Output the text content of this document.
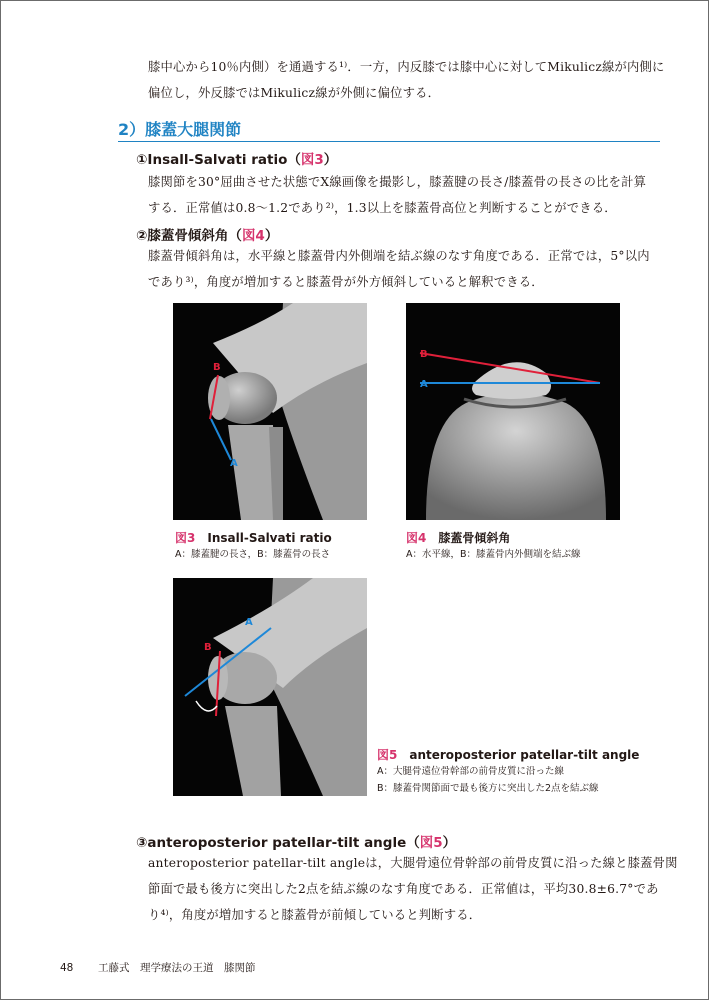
膝中心から10％内側）を通過する¹⁾．一方，内反膝では膝中心に対してMikulicz線が内側に
偏位し，外反膝ではMikulicz線が外側に偏位する．
2）膝蓋大腿関節
①Insall-Salvati ratio（図3）
膝関節を30°屈曲させた状態でX線画像を撮影し，膝蓋腱の長さ/膝蓋骨の長さの比を計算
する．正常値は0.8～1.2であり²⁾，1.3以上を膝蓋骨高位と判断することができる．
②膝蓋骨傾斜角（図4）
膝蓋骨傾斜角は，水平線と膝蓋骨内外側端を結ぶ線のなす角度である．正常では，5°以内
であり³⁾，角度が増加すると膝蓋骨が外方傾斜していると解釈できる．
B
A
図3　 Insall-Salvati ratio
A：膝蓋腱の長さ，B：膝蓋骨の長さ
B
A
図4　 膝蓋骨傾斜角
A：水平線，B：膝蓋骨内外側端を結ぶ線
B
A
図5　 anteroposterior patellar-tilt angle
A：大腿骨遠位骨幹部の前骨皮質に沿った線
B：膝蓋骨関節面で最も後方に突出した2点を結ぶ線
③anteroposterior patellar-tilt angle（図5）
anteroposterior patellar-tilt angleは，大腿骨遠位骨幹部の前骨皮質に沿った線と膝蓋骨関
節面で最も後方に突出した2点を結ぶ線のなす角度である．正常値は，平均30.8±6.7°であ
り⁴⁾，角度が増加すると膝蓋骨が前傾していると判断する．
48 工藤式　理学療法の王道　膝関節
